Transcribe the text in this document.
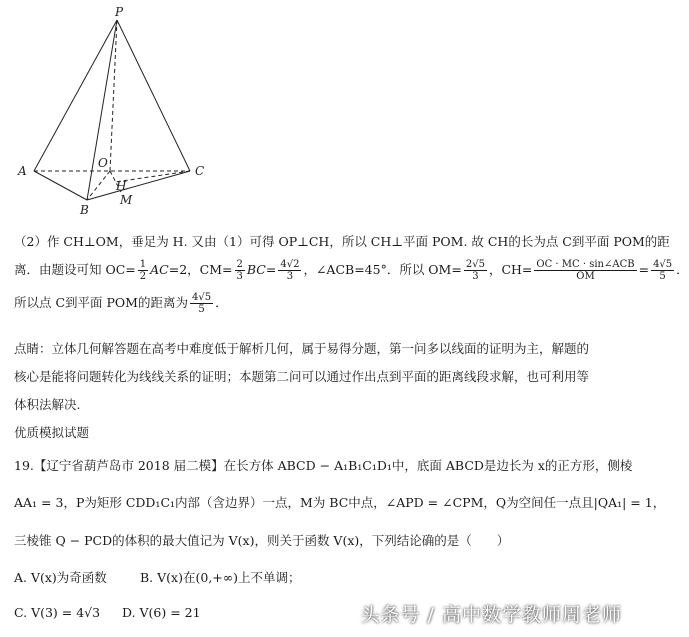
P
A
B
C
M
O
H
（2）作 CH⊥OM，垂足为 H. 又由（1）可得 OP⊥CH，所以 CH⊥平面 POM. 故 CH的长为点 C到平面 POM的距
离．由题设可知 $OC= \frac{1}{2} AC=2$，$CM= \frac{2}{3} BC= \frac{4√2}{3}$ ，∠ACB=45°．所以 $OM= \frac{2√5}{3}$ ，$CH= \frac{\text{OC · MC · sin∠ACB}}{OM} = \frac{4√5}{5}$ ．
所以点 C到平面 POM的距离为 $\frac{4√5}{5}$ ．
点睛：立体几何解答题在高考中难度低于解析几何，属于易得分题，第一问多以线面的证明为主，解题的
核心是能将问题转化为线线关系的证明；本题第二问可以通过作出点到平面的距离线段求解，也可利用等
体积法解决.
优质模拟试题
19.【辽宁省葫芦岛市 2018 届二模】在长方体 ABCD − A₁B₁C₁D₁中，底面 ABCD是边长为 x的正方形，侧棱
AA₁ = 3，P为矩形 CDD₁C₁内部（含边界）一点，M为 BC中点，∠APD = ∠CPM，Q为空间任一点且|QA₁| = 1，
三棱锥 Q − PCD的体积的最大值记为 V(x)，则关于函数 V(x)，下列结论确的是（　　）
A. V(x)为奇函数	B. V(x)在(0,+∞)上不单调；
C. V(3) = 4√3 D. V(6) = 21	头条号 / 高中数学教师周老师
